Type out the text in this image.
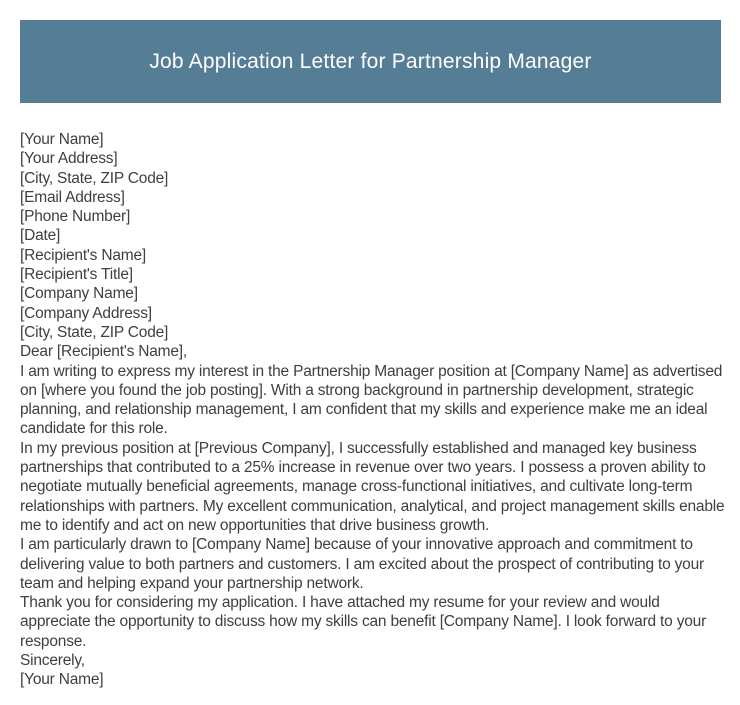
Job Application Letter for Partnership Manager
[Your Name]
[Your Address]
[City, State, ZIP Code]
[Email Address]
[Phone Number]
[Date]
[Recipient's Name]
[Recipient's Title]
[Company Name]
[Company Address]
[City, State, ZIP Code]
Dear [Recipient's Name],

I am writing to express my interest in the Partnership Manager position at [Company Name] as advertised on [where you found the job posting]. With a strong background in partnership development, strategic planning, and relationship management, I am confident that my skills and experience make me an ideal candidate for this role.

In my previous position at [Previous Company], I successfully established and managed key business partnerships that contributed to a 25% increase in revenue over two years. I possess a proven ability to negotiate mutually beneficial agreements, manage cross-functional initiatives, and cultivate long-term relationships with partners. My excellent communication, analytical, and project management skills enable me to identify and act on new opportunities that drive business growth.

I am particularly drawn to [Company Name] because of your innovative approach and commitment to delivering value to both partners and customers. I am excited about the prospect of contributing to your team and helping expand your partnership network.

Thank you for considering my application. I have attached my resume for your review and would appreciate the opportunity to discuss how my skills can benefit [Company Name]. I look forward to your response.

Sincerely,
[Your Name]
